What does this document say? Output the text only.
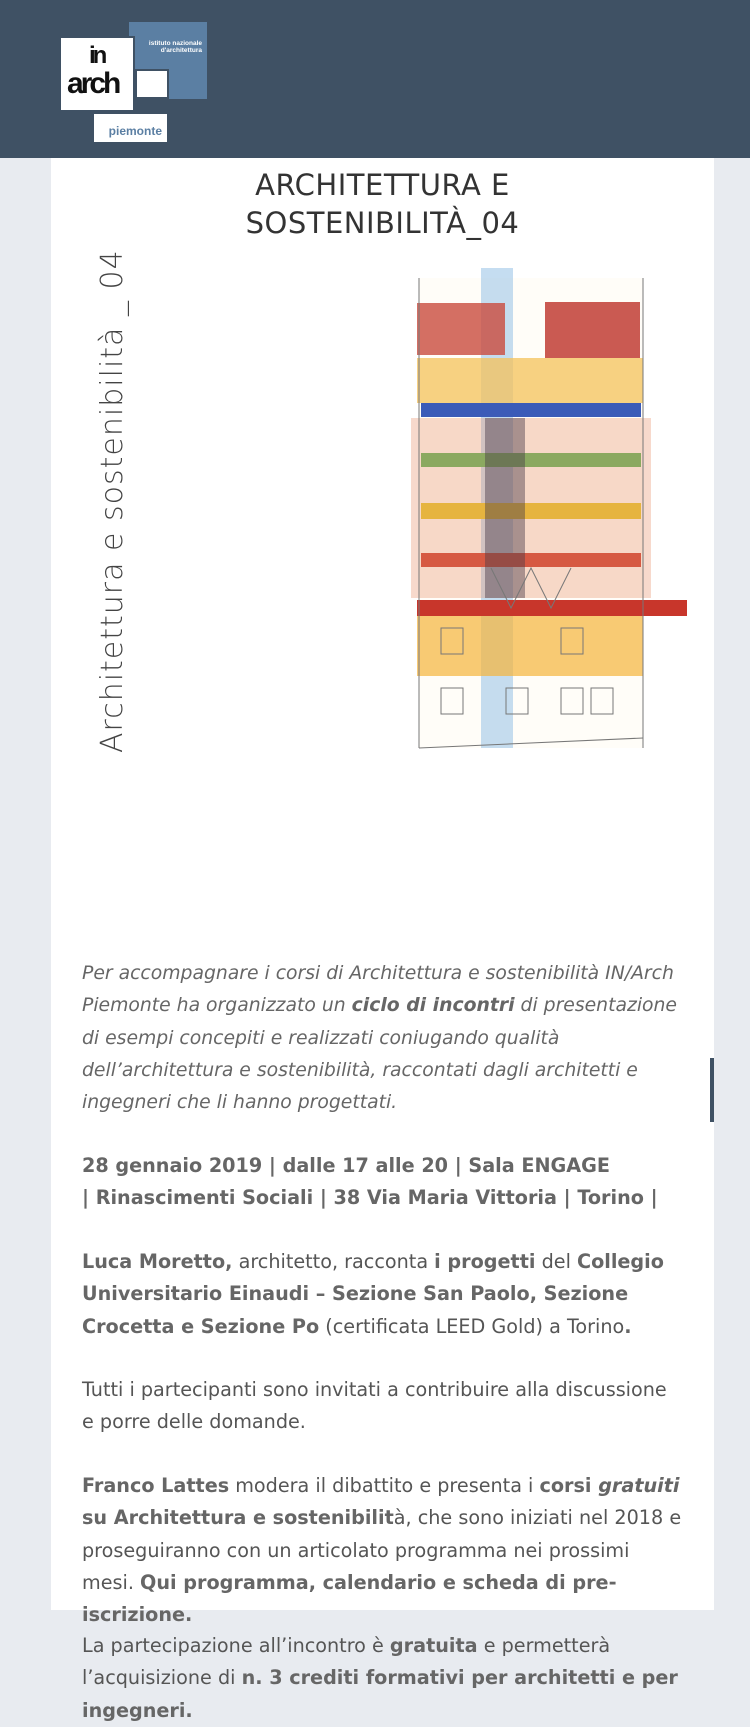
istituto nazionale
d'architettura
in
arch
piemonte
ARCHITETTURA E
SOSTENIBILITÀ_04
Architettura e sostenibilità _ 04
Per accompagnare i corsi di Architettura e sostenibilità IN/Arch Piemonte ha organizzato un ciclo di incontri di presentazione di esempi concepiti e realizzati coniugando qualità dell’architettura e sostenibilità, raccontati dagli architetti e ingegneri che li hanno progettati.
28 gennaio 2019 | dalle 17 alle 20 | Sala ENGAGE
| Rinascimenti Sociali | 38 Via Maria Vittoria | Torino |
Luca Moretto, architetto, racconta i progetti del Collegio Universitario Einaudi – Sezione San Paolo, Sezione Crocetta e Sezione Po (certificata LEED Gold) a Torino.
Tutti i partecipanti sono invitati a contribuire alla discussione e porre delle domande.
Franco Lattes modera il dibattito e presenta i corsi gratuiti su Architettura e sostenibilità, che sono iniziati nel 2018 e proseguiranno con un articolato programma nei prossimi mesi. Qui programma, calendario e scheda di pre-iscrizione.
La partecipazione all’incontro è gratuita e permetterà l’acquisizione di n. 3 crediti formativi per architetti e per ingegneri.
